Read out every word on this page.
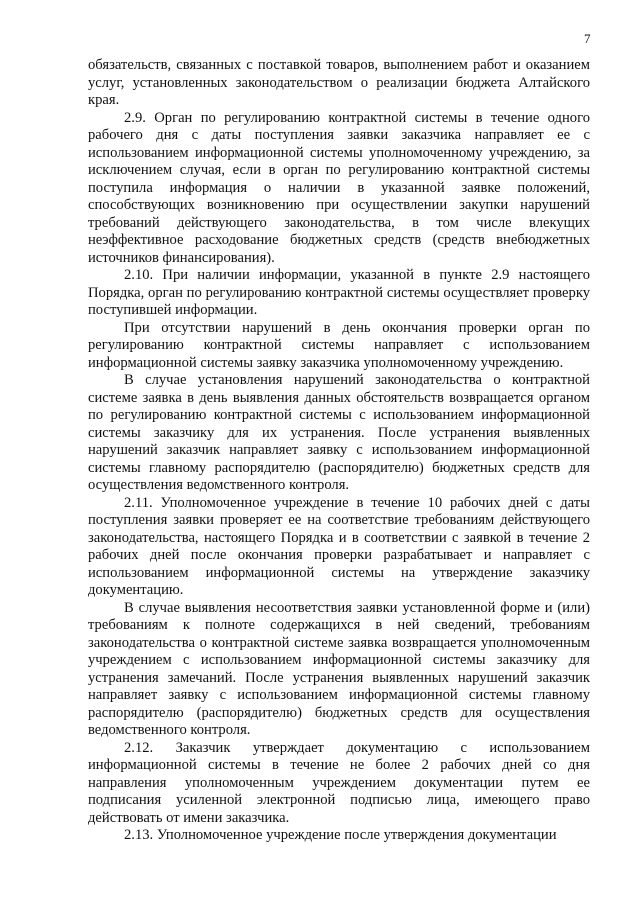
7

обязательств, связанных с поставкой товаров, выполнением работ и оказанием услуг, установленных законодательством о реализации бюджета Алтайского края.

2.9. Орган по регулированию контрактной системы в течение одного рабочего дня с даты поступления заявки заказчика направляет ее с использованием информационной системы уполномоченному учреждению, за исключением случая, если в орган по регулированию контрактной системы поступила информация о наличии в указанной заявке положений, способствующих возникновению при осуществлении закупки нарушений требований действующего законодательства, в том числе влекущих неэффективное расходование бюджетных средств (средств внебюджетных источников финансирования).

2.10. При наличии информации, указанной в пункте 2.9 настоящего Порядка, орган по регулированию контрактной системы осуществляет проверку поступившей информации.

При отсутствии нарушений в день окончания проверки орган по регулированию контрактной системы направляет с использованием информационной системы заявку заказчика уполномоченному учреждению.

В случае установления нарушений законодательства о контрактной системе заявка в день выявления данных обстоятельств возвращается органом по регулированию контрактной системы с использованием информационной системы заказчику для их устранения. После устранения выявленных нарушений заказчик направляет заявку с использованием информационной системы главному распорядителю (распорядителю) бюджетных средств для осуществления ведомственного контроля.

2.11. Уполномоченное учреждение в течение 10 рабочих дней с даты поступления заявки проверяет ее на соответствие требованиям действующего законодательства, настоящего Порядка и в соответствии с заявкой в течение 2 рабочих дней после окончания проверки разрабатывает и направляет с использованием информационной системы на утверждение заказчику документацию.

В случае выявления несоответствия заявки установленной форме и (или) требованиям к полноте содержащихся в ней сведений, требованиям законодательства о контрактной системе заявка возвращается уполномоченным учреждением с использованием информационной системы заказчику для устранения замечаний. После устранения выявленных нарушений заказчик направляет заявку с использованием информационной системы главному распорядителю (распорядителю) бюджетных средств для осуществления ведомственного контроля.

2.12. Заказчик утверждает документацию с использованием информационной системы в течение не более 2 рабочих дней со дня направления уполномоченным учреждением документации путем ее подписания усиленной электронной подписью лица, имеющего право действовать от имени заказчика.

2.13. Уполномоченное учреждение после утверждения документации
